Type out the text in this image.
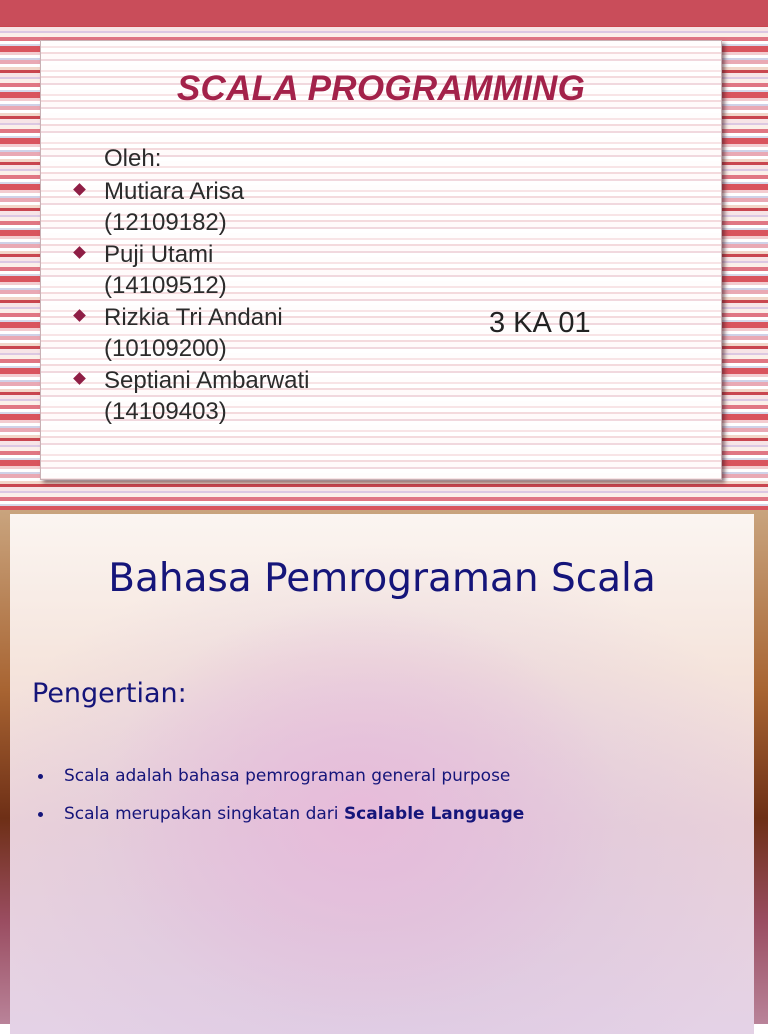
SCALA PROGRAMMING
Oleh:
Mutiara Arisa
(12109182)
Puji Utami
(14109512)
Rizkia Tri Andani
(10109200)
Septiani Ambarwati
(14109403)
3 KA 01
Bahasa Pemrograman Scala
Pengertian:
Scala adalah bahasa pemrograman general purpose
Scala merupakan singkatan dari Scalable Language
